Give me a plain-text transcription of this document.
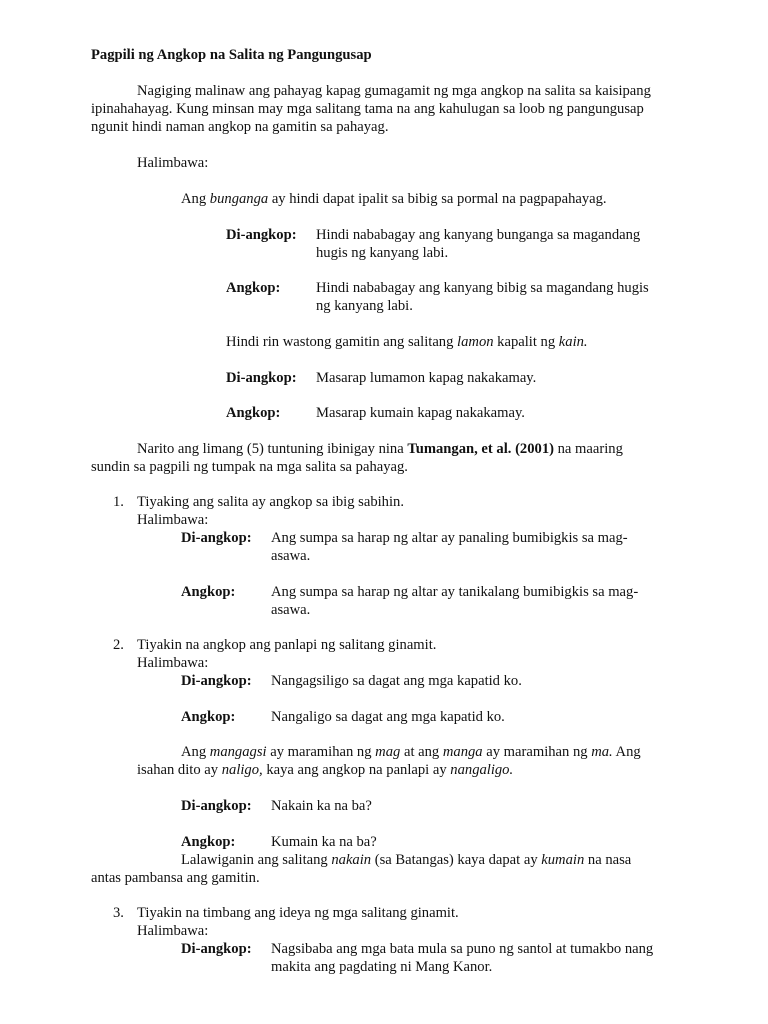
Pagpili ng Angkop na Salita ng Pangungusap
Nagiging malinaw ang pahayag kapag gumagamit ng mga angkop na salita sa kaisipang
ipinahahayag. Kung minsan may mga salitang tama na ang kahulugan sa loob ng pangungusap
ngunit hindi naman angkop na gamitin sa pahayag.
Halimbawa:
Ang bunganga ay hindi dapat ipalit sa bibig sa pormal na pagpapahayag.
Di-angkop: Hindi nababagay ang kanyang bunganga sa magandang
hugis ng kanyang labi.
Angkop: Hindi nababagay ang kanyang bibig sa magandang hugis
ng kanyang labi.
Hindi rin wastong gamitin ang salitang lamon kapalit ng kain.
Di-angkop: Masarap lumamon kapag nakakamay.
Angkop: Masarap kumain kapag nakakamay.
Narito ang limang (5) tuntuning ibinigay nina Tumangan, et al. (2001) na maaring
sundin sa pagpili ng tumpak na mga salita sa pahayag.
1. Tiyaking ang salita ay angkop sa ibig sabihin.
Halimbawa:
Di-angkop: Ang sumpa sa harap ng altar ay panaling bumibigkis sa mag-
asawa.
Angkop: Ang sumpa sa harap ng altar ay tanikalang bumibigkis sa mag-
asawa.
2. Tiyakin na angkop ang panlapi ng salitang ginamit.
Halimbawa:
Di-angkop: Nangagsiligo sa dagat ang mga kapatid ko.
Angkop: Nangaligo sa dagat ang mga kapatid ko.
Ang mangagsi ay maramihan ng mag at ang manga ay maramihan ng ma. Ang
isahan dito ay naligo, kaya ang angkop na panlapi ay nangaligo.
Di-angkop: Nakain ka na ba?
Angkop: Kumain ka na ba?
Lalawiganin ang salitang nakain (sa Batangas) kaya dapat ay kumain na nasa
antas pambansa ang gamitin.
3. Tiyakin na timbang ang ideya ng mga salitang ginamit.
Halimbawa:
Di-angkop: Nagsibaba ang mga bata mula sa puno ng santol at tumakbo nang
makita ang pagdating ni Mang Kanor.
